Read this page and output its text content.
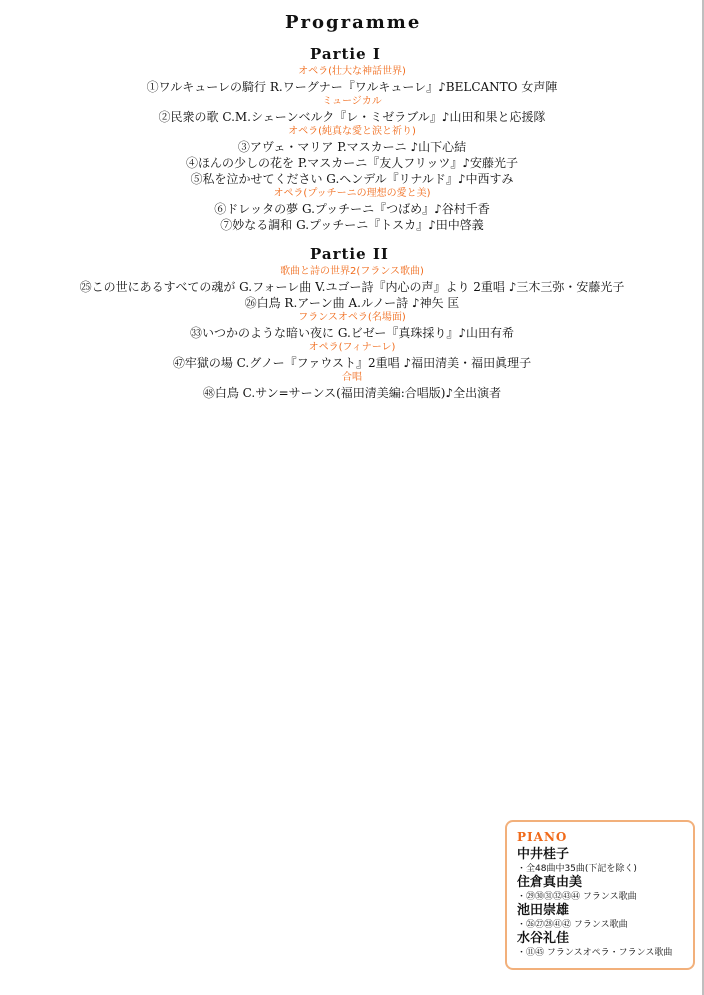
Programme
Partie I
オペラ(壮大な神話世界)
①ワルキューレの騎行 R.ワーグナー『ワルキューレ』♪BELCANTO 女声陣
ミュージカル
②民衆の歌 C.M.シェーンベルク『レ・ミゼラブル』♪山田和果と応援隊
オペラ(純真な愛と涙と祈り)
③アヴェ・マリア P.マスカーニ ♪山下心結
④ほんの少しの花を P.マスカーニ『友人フリッツ』♪安藤光子
⑤私を泣かせてください G.ヘンデル『リナルド』♪中西すみ
オペラ(プッチーニの理想の愛と美)
⑥ドレッタの夢 G.プッチーニ『つばめ』♪谷村千香
⑦妙なる調和 G.プッチーニ『トスカ』♪田中啓義
Partie II
歌曲と詩の世界2(フランス歌曲)
㉕この世にあるすべての魂が G.フォーレ曲 V.ユゴー詩『内心の声』より 2重唱 ♪三木三弥・安藤光子
㉖白鳥 R.アーン曲 A.ルノー詩 ♪神矢 匡
フランスオペラ(名場面)
㉝いつかのような暗い夜に G.ビゼー『真珠採り』♪山田有希
オペラ(フィナーレ)
㊼牢獄の場 C.グノー『ファウスト』2重唱 ♪福田清美・福田眞理子
合唱
㊽白鳥 C.サン=サーンス(福田清美編:合唱版)♪全出演者
PIANO
中井桂子
・全48曲中35曲(下記を除く)
住倉真由美
・㉙㉚㉛㉜㊸㊹ フランス歌曲
池田崇雄
・㉖㉗㉘㊶㊷ フランス歌曲
水谷礼佳
・⑪㊺ フランスオペラ・フランス歌曲
